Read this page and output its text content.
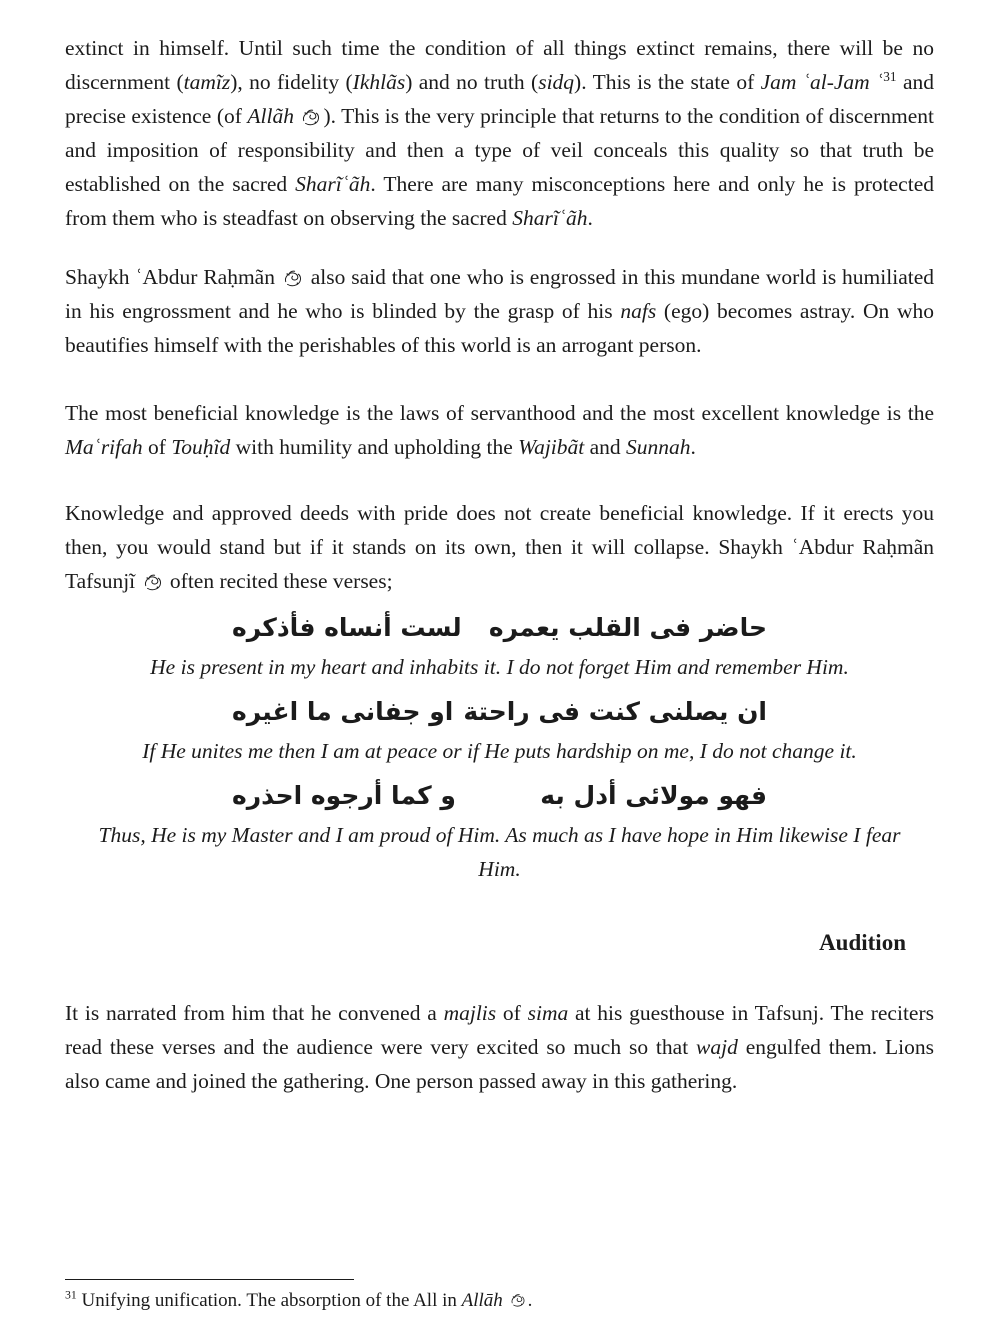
extinct in himself. Until such time the condition of all things extinct remains, there will be no discernment (tamĩz), no fidelity (Ikhlãs) and no truth (sidq). This is the state of Jam ʿal-Jam ʿ$^{31}$ and precise existence (of Allãh ). This is the very principle that returns to the condition of discernment and imposition of responsibility and then a type of veil conceals this quality so that truth be established on the sacred Sharĩʿãh. There are many misconceptions here and only he is protected from them who is steadfast on observing the sacred Sharĩʿãh.

Shaykh ʿAbdur Raḥmãn
also said that one who is engrossed in this mundane world is humiliated in his engrossment and he who is blinded by the grasp of his nafs (ego) becomes astray. On who beautifies himself with the perishables of this world is an arrogant person.

The most beneficial knowledge is the laws of servanthood and the most excellent knowledge is the Maʿrifah of Touḥĩd with humility and upholding the Wajibãt and Sunnah.

Knowledge and approved deeds with pride does not create beneficial knowledge. If it erects you then, you would stand but if it stands on its own, then it will collapse. Shaykh ʿAbdur Raḥmãn Tafsunjĩ
often recited these verses;

حاضر فى القلب يعمره
لست أنساه فأذكره

He is present in my heart and inhabits it. I do not forget Him and remember Him.

ان يصلنى كنت فى راحتة
او جفانى ما اغيره

If He unites me then I am at peace or if He puts hardship on me, I do not change it.

فهو مولائى أدل به
و كما أرجوه احذره

Thus, He is my Master and I am proud of Him. As much as I have hope in Him likewise I fear Him.

Audition

It is narrated from him that he convened a majlis of sima at his guesthouse in Tafsunj. The reciters read these verses and the audience were very excited so much so that wajd engulfed them. Lions also came and joined the gathering. One person passed away in this gathering.

$^{31}$ Unifying unification. The absorption of the All in Allāh .
